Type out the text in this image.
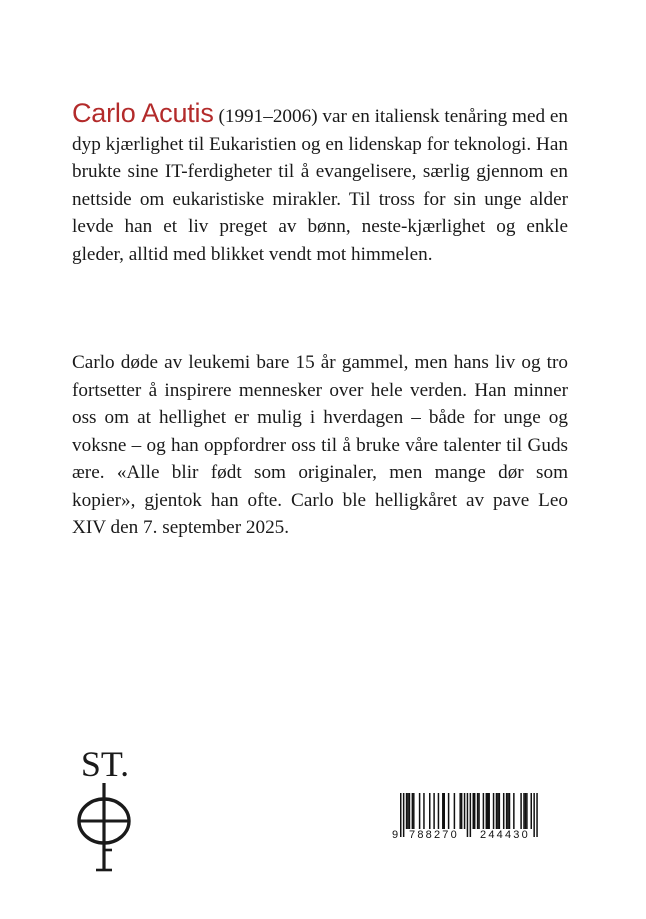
Carlo Acutis (1991–2006) var en italiensk tenåring med en dyp kjærlighet til Eukaristien og en lidenskap for teknologi. Han brukte sine IT-ferdigheter til å evangelisere, særlig gjennom en nettside om eukaristiske mirakler. Til tross for sin unge alder levde han et liv preget av bønn, neste-kjærlighet og enkle gleder, alltid med blikket vendt mot himmelen.

Carlo døde av leukemi bare 15 år gammel, men hans liv og tro fortsetter å inspirere mennesker over hele verden. Han minner oss om at hellighet er mulig i hverdagen – både for unge og voksne – og han oppfordrer oss til å bruke våre talenter til Guds ære. «Alle blir født som originaler, men mange dør som kopier», gjentok han ofte. Carlo ble helligkåret av pave Leo XIV den 7. september 2025.

ST.
9 788270 244430
